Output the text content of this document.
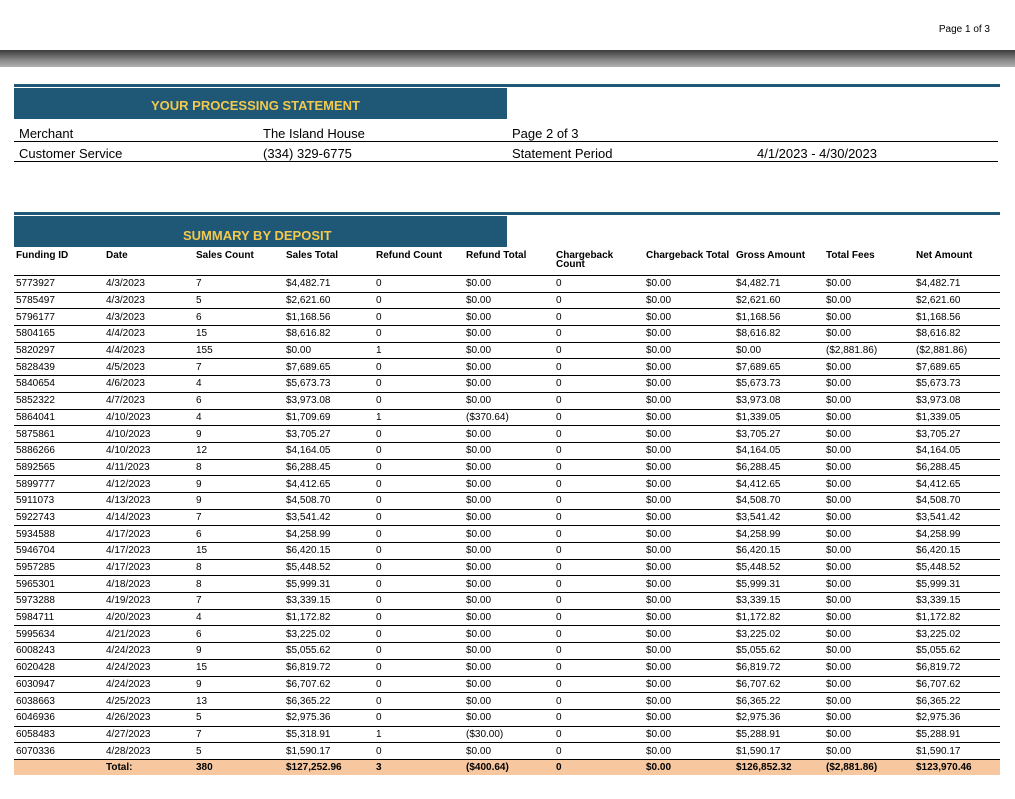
Page 1 of 3
YOUR PROCESSING STATEMENT
Merchant	The Island House	Page 2 of 3
Customer Service	(334) 329-6775	Statement Period	4/1/2023 - 4/30/2023
SUMMARY BY DEPOSIT
Funding ID	Date	Sales Count	Sales Total	Refund Count	Refund Total	Chargeback Count	Chargeback Total	Gross Amount	Total Fees	Net Amount
5773927	4/3/2023	7	$4,482.71	0	$0.00	0	$0.00	$4,482.71	$0.00	$4,482.71
5785497	4/3/2023	5	$2,621.60	0	$0.00	0	$0.00	$2,621.60	$0.00	$2,621.60
5796177	4/3/2023	6	$1,168.56	0	$0.00	0	$0.00	$1,168.56	$0.00	$1,168.56
5804165	4/4/2023	15	$8,616.82	0	$0.00	0	$0.00	$8,616.82	$0.00	$8,616.82
5820297	4/4/2023	155	$0.00	1	$0.00	0	$0.00	$0.00	($2,881.86)	($2,881.86)
5828439	4/5/2023	7	$7,689.65	0	$0.00	0	$0.00	$7,689.65	$0.00	$7,689.65
5840654	4/6/2023	4	$5,673.73	0	$0.00	0	$0.00	$5,673.73	$0.00	$5,673.73
5852322	4/7/2023	6	$3,973.08	0	$0.00	0	$0.00	$3,973.08	$0.00	$3,973.08
5864041	4/10/2023	4	$1,709.69	1	($370.64)	0	$0.00	$1,339.05	$0.00	$1,339.05
5875861	4/10/2023	9	$3,705.27	0	$0.00	0	$0.00	$3,705.27	$0.00	$3,705.27
5886266	4/10/2023	12	$4,164.05	0	$0.00	0	$0.00	$4,164.05	$0.00	$4,164.05
5892565	4/11/2023	8	$6,288.45	0	$0.00	0	$0.00	$6,288.45	$0.00	$6,288.45
5899777	4/12/2023	9	$4,412.65	0	$0.00	0	$0.00	$4,412.65	$0.00	$4,412.65
5911073	4/13/2023	9	$4,508.70	0	$0.00	0	$0.00	$4,508.70	$0.00	$4,508.70
5922743	4/14/2023	7	$3,541.42	0	$0.00	0	$0.00	$3,541.42	$0.00	$3,541.42
5934588	4/17/2023	6	$4,258.99	0	$0.00	0	$0.00	$4,258.99	$0.00	$4,258.99
5946704	4/17/2023	15	$6,420.15	0	$0.00	0	$0.00	$6,420.15	$0.00	$6,420.15
5957285	4/17/2023	8	$5,448.52	0	$0.00	0	$0.00	$5,448.52	$0.00	$5,448.52
5965301	4/18/2023	8	$5,999.31	0	$0.00	0	$0.00	$5,999.31	$0.00	$5,999.31
5973288	4/19/2023	7	$3,339.15	0	$0.00	0	$0.00	$3,339.15	$0.00	$3,339.15
5984711	4/20/2023	4	$1,172.82	0	$0.00	0	$0.00	$1,172.82	$0.00	$1,172.82
5995634	4/21/2023	6	$3,225.02	0	$0.00	0	$0.00	$3,225.02	$0.00	$3,225.02
6008243	4/24/2023	9	$5,055.62	0	$0.00	0	$0.00	$5,055.62	$0.00	$5,055.62
6020428	4/24/2023	15	$6,819.72	0	$0.00	0	$0.00	$6,819.72	$0.00	$6,819.72
6030947	4/24/2023	9	$6,707.62	0	$0.00	0	$0.00	$6,707.62	$0.00	$6,707.62
6038663	4/25/2023	13	$6,365.22	0	$0.00	0	$0.00	$6,365.22	$0.00	$6,365.22
6046936	4/26/2023	5	$2,975.36	0	$0.00	0	$0.00	$2,975.36	$0.00	$2,975.36
6058483	4/27/2023	7	$5,318.91	1	($30.00)	0	$0.00	$5,288.91	$0.00	$5,288.91
6070336	4/28/2023	5	$1,590.17	0	$0.00	0	$0.00	$1,590.17	$0.00	$1,590.17
	Total:	380	$127,252.96	3	($400.64)	0	$0.00	$126,852.32	($2,881.86)	$123,970.46
